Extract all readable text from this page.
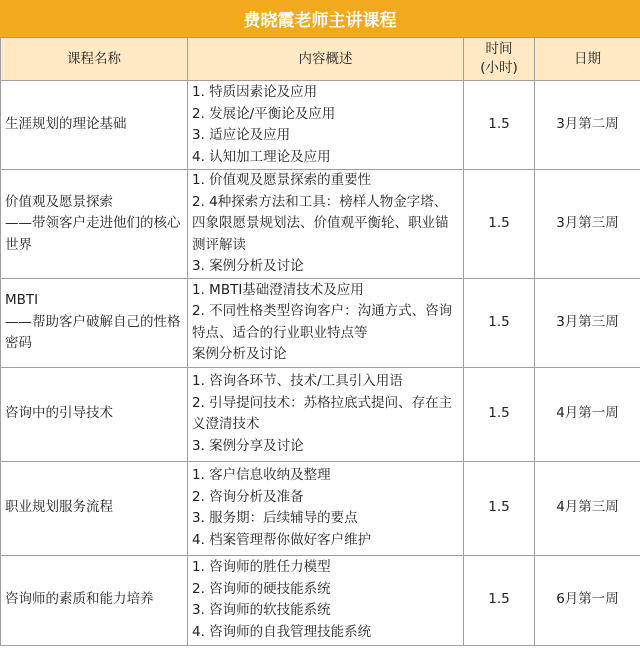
费晓霞老师主讲课程
课程名称	内容概述	时间
(小时)	日期

生涯规划的理论基础	1. 特质因素论及应用
2. 发展论/平衡论及应用
3. 适应论及应用
4. 认知加工理论及应用	1.5	3月第二周

价值观及愿景探索
——带领客户走进他们的核心世界	1. 价值观及愿景探索的重要性
2. 4种探索方法和工具：榜样人物金字塔、四象限愿景规划法、价值观平衡轮、职业锚测评解读
3. 案例分析及讨论	1.5	3月第三周

MBTI
——帮助客户破解自己的性格密码	1. MBTI基础澄清技术及应用
2. 不同性格类型咨询客户：沟通方式、咨询特点、适合的行业职业特点等
案例分析及讨论	1.5	3月第三周

咨询中的引导技术	1. 咨询各环节、技术/工具引入用语
2. 引导提问技术：苏格拉底式提问、存在主义澄清技术
3. 案例分享及讨论	1.5	4月第一周

职业规划服务流程	1. 客户信息收纳及整理
2. 咨询分析及准备
3. 服务期：后续辅导的要点
4. 档案管理帮你做好客户维护	1.5	4月第三周

咨询师的素质和能力培养	1. 咨询师的胜任力模型
2. 咨询师的硬技能系统
3. 咨询师的软技能系统
4. 咨询师的自我管理技能系统	1.5	6月第一周
